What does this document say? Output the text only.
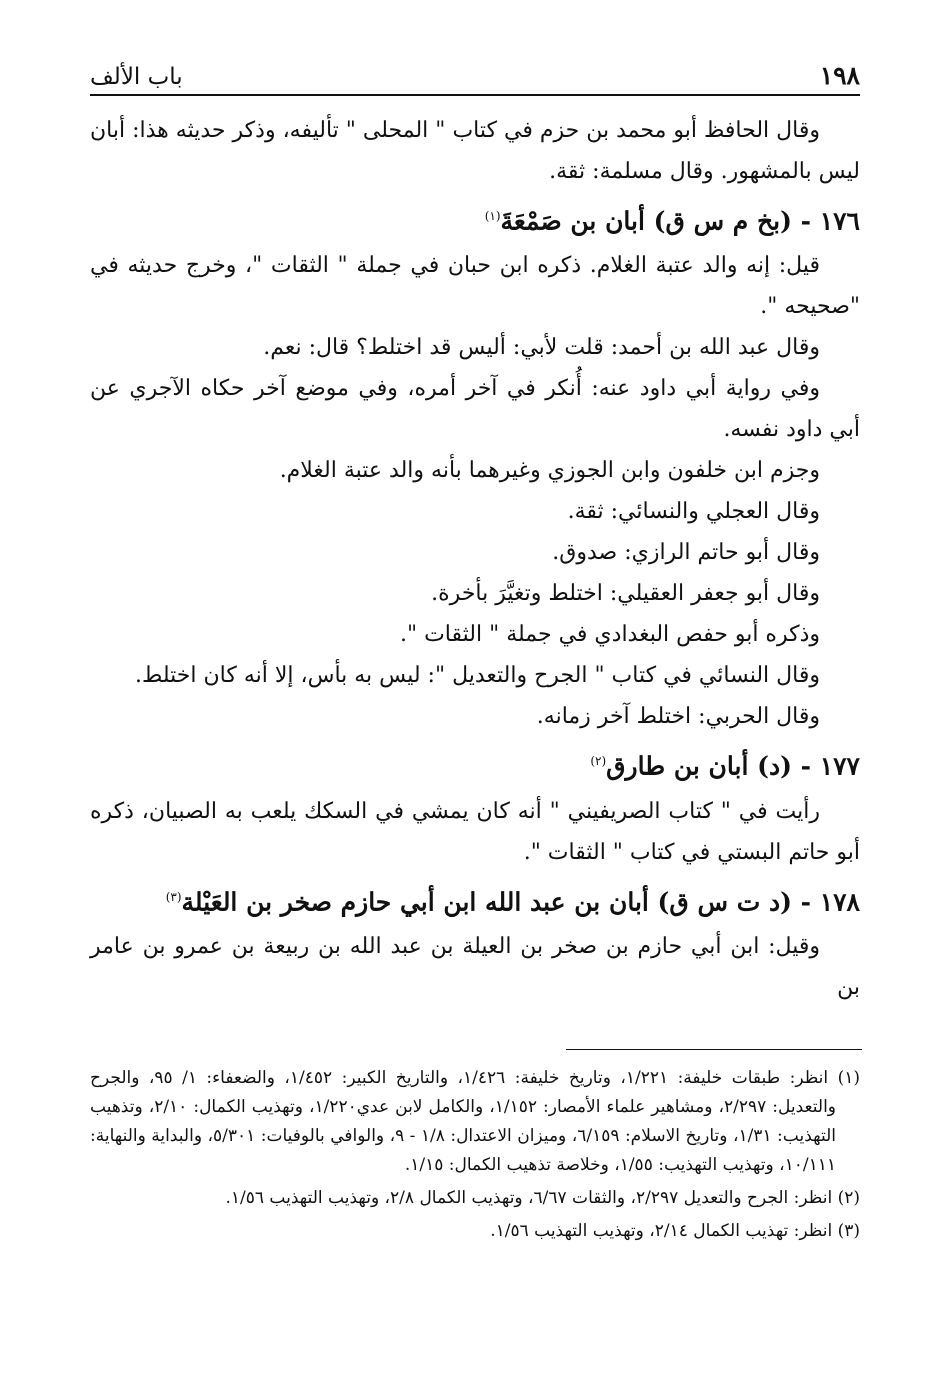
١٩٨
باب الألف

وقال الحافظ أبو محمد بن حزم في كتاب " المحلى " تأليفه، وذكر حديثه هذا: أبان ليس بالمشهور. وقال مسلمة: ثقة.

١٧٦ - (بخ م س ق) أبان بن صَمْعَةَ$^{(١)}$

قيل: إنه والد عتبة الغلام. ذكره ابن حبان في جملة " الثقات "، وخرج حديثه في "صحيحه ".

وقال عبد الله بن أحمد: قلت لأبي: أليس قد اختلط؟ قال: نعم.

وفي رواية أبي داود عنه: أُنكر في آخر أمره، وفي موضع آخر حكاه الآجري عن أبي داود نفسه.

وجزم ابن خلفون وابن الجوزي وغيرهما بأنه والد عتبة الغلام.

وقال العجلي والنسائي: ثقة.

وقال أبو حاتم الرازي: صدوق.

وقال أبو جعفر العقيلي: اختلط وتغيَّرَ بأخرة.

وذكره أبو حفص البغدادي في جملة " الثقات ".

وقال النسائي في كتاب " الجرح والتعديل ": ليس به بأس، إلا أنه كان اختلط.

وقال الحربي: اختلط آخر زمانه.

١٧٧ - (د) أبان بن طارق$^{(٢)}$

رأيت في " كتاب الصريفيني " أنه كان يمشي في السكك يلعب به الصبيان، ذكره أبو حاتم البستي في كتاب " الثقات ".

١٧٨ - (د ت س ق) أبان بن عبد الله ابن أبي حازم صخر بن العَيْلة$^{(٣)}$

وقيل: ابن أبي حازم بن صخر بن العيلة بن عبد الله بن ربيعة بن عمرو بن عامر بن

(١) انظر: طبقات خليفة: ١/٢٢١، وتاريخ خليفة: ١/٤٢٦، والتاريخ الكبير: ١/٤٥٢، والضعفاء: ١/ ٩٥، والجرح والتعديل: ٢/٢٩٧، ومشاهير علماء الأمصار: ١/١٥٢، والكامل لابن عدي١/٢٢٠، وتهذيب الكمال: ٢/١٠، وتذهيب التهذيب: ١/٣١، وتاريخ الاسلام: ٦/١٥٩، وميزان الاعتدال: ١/٨ - ٩، والوافي بالوفيات: ٥/٣٠١، والبداية والنهاية: ١٠/١١١، وتهذيب التهذيب: ١/٥٥، وخلاصة تذهيب الكمال: ١/١٥.

(٢) انظر: الجرح والتعديل ٢/٢٩٧، والثقات ٦/٦٧، وتهذيب الكمال ٢/٨، وتهذيب التهذيب ١/٥٦.

(٣) انظر: تهذيب الكمال ٢/١٤، وتهذيب التهذيب ١/٥٦.
